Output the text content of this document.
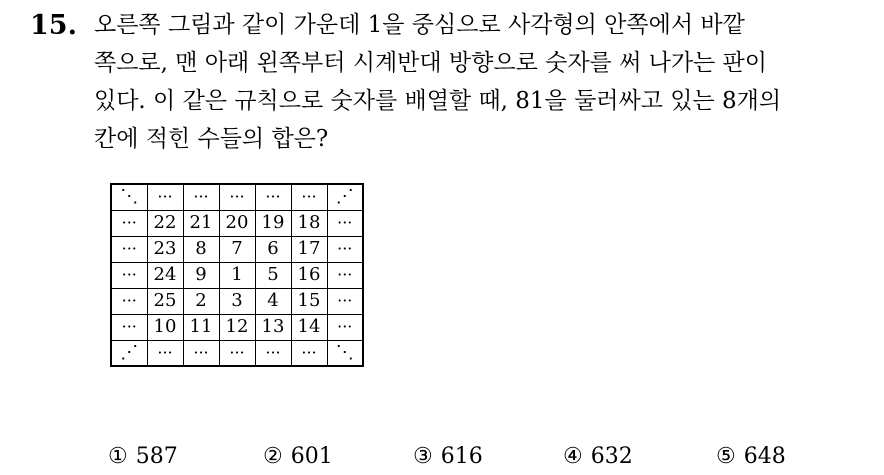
15. 오른쪽 그림과 같이 가운데 1을 중심으로 사각형의 안쪽에서 바깥
쪽으로, 맨 아래 왼쪽부터 시계반대 방향으로 숫자를 써 나가는 판이
있다. 이 같은 규칙으로 숫자를 배열할 때, 81을 둘러싸고 있는 8개의
칸에 적힌 수들의 합은?
⋱	···	···	···	···	···	⋰
···	22	21	20	19	18	···
···	23	8	7	6	17	···
···	24	9	1	5	16	···
···	25	2	3	4	15	···
···	10	11	12	13	14	···
⋰	···	···	···	···	···	⋱
① 587	② 601	③ 616	④ 632	⑤ 648
